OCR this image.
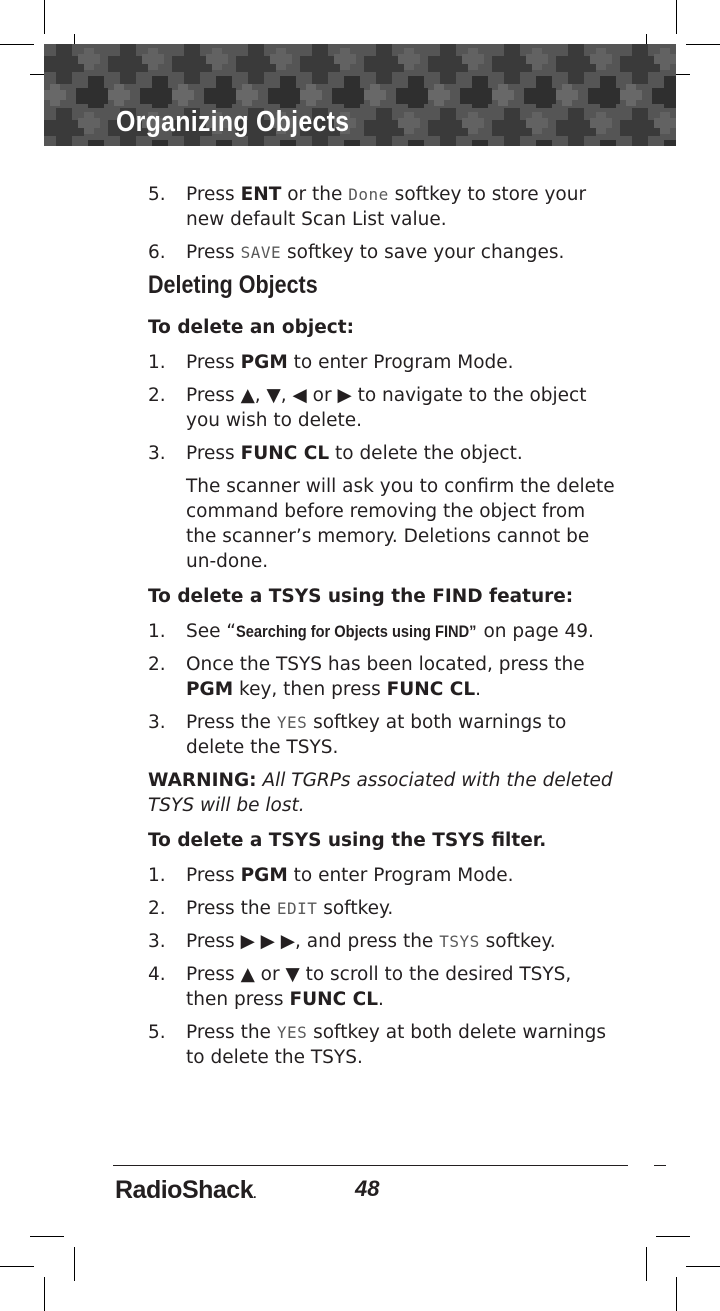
Organizing Objects
5.	Press ENT or the Done softkey to store your new default Scan List value.
6.	Press SAVE softkey to save your changes.
Deleting Objects
To delete an object:
1.	Press PGM to enter Program Mode.
2.	Press ▲, ▼, ◀ or ▶ to navigate to the object you wish to delete.
3.	Press FUNC CL to delete the object.
The scanner will ask you to confirm the delete command before removing the object from the scanner’s memory. Deletions cannot be un-done.
To delete a TSYS using the FIND feature:
1.	See “Searching for Objects using FIND” on page 49.
2.	Once the TSYS has been located, press the PGM key, then press FUNC CL.
3.	Press the YES softkey at both warnings to delete the TSYS.
WARNING: All TGRPs associated with the deleted TSYS will be lost.
To delete a TSYS using the TSYS filter.
1.	Press PGM to enter Program Mode.
2.	Press the EDIT softkey.
3.	Press ▶ ▶ ▶, and press the TSYS softkey.
4.	Press ▲ or ▼ to scroll to the desired TSYS, then press FUNC CL.
5.	Press the YES softkey at both delete warnings to delete the TSYS.
RadioShack.	48
